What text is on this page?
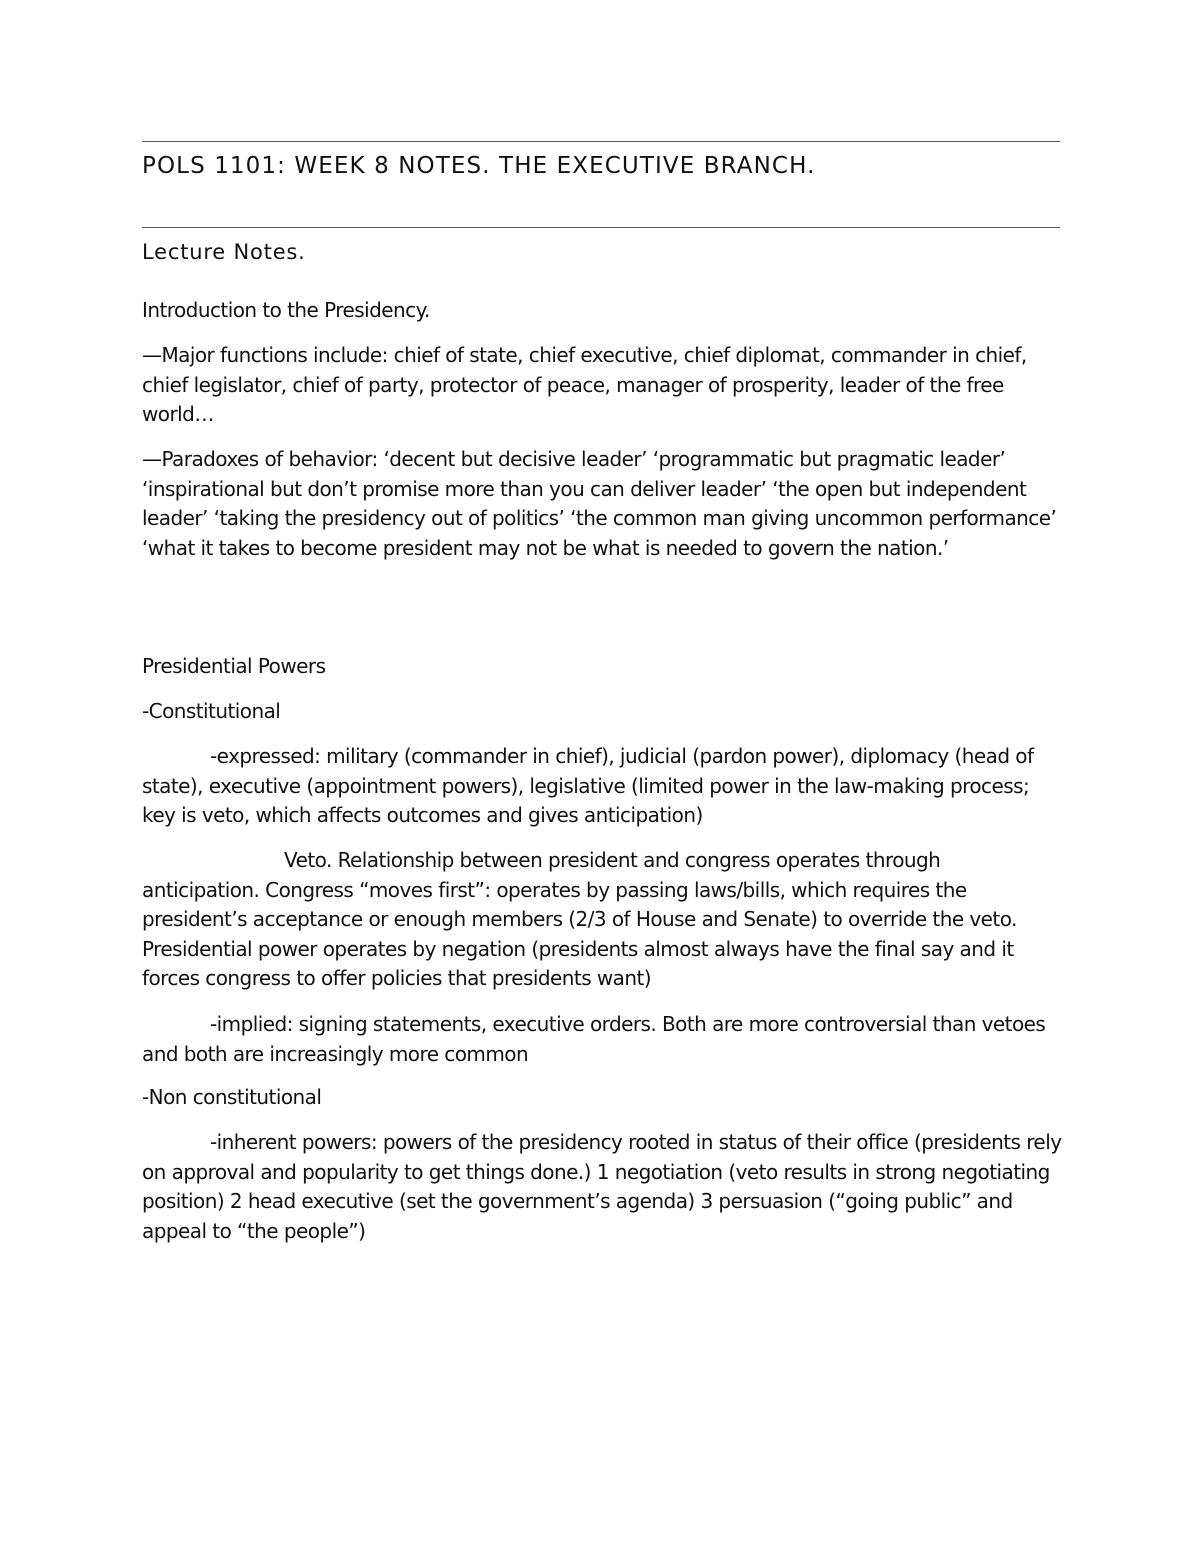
POLS 1101: WEEK 8 NOTES. THE EXECUTIVE BRANCH.
Lecture Notes.

Introduction to the Presidency.

—Major functions include: chief of state, chief executive, chief diplomat, commander in chief, chief legislator, chief of party, protector of peace, manager of prosperity, leader of the free world…

—Paradoxes of behavior: ‘decent but decisive leader’ ‘programmatic but pragmatic leader’ ‘inspirational but don’t promise more than you can deliver leader’ ‘the open but independent leader’ ‘taking the presidency out of politics’ ‘the common man giving uncommon performance’ ‘what it takes to become president may not be what is needed to govern the nation.’

Presidential Powers

-Constitutional

-expressed: military (commander in chief), judicial (pardon power), diplomacy (head of state), executive (appointment powers), legislative (limited power in the law-making process; key is veto, which affects outcomes and gives anticipation)

Veto. Relationship between president and congress operates through anticipation. Congress “moves first”: operates by passing laws/bills, which requires the president’s acceptance or enough members (2/3 of House and Senate) to override the veto. Presidential power operates by negation (presidents almost always have the final say and it forces congress to offer policies that presidents want)

-implied: signing statements, executive orders. Both are more controversial than vetoes and both are increasingly more common

-Non constitutional

-inherent powers: powers of the presidency rooted in status of their office (presidents rely on approval and popularity to get things done.) 1 negotiation (veto results in strong negotiating position) 2 head executive (set the government’s agenda) 3 persuasion (“going public” and appeal to “the people”)
